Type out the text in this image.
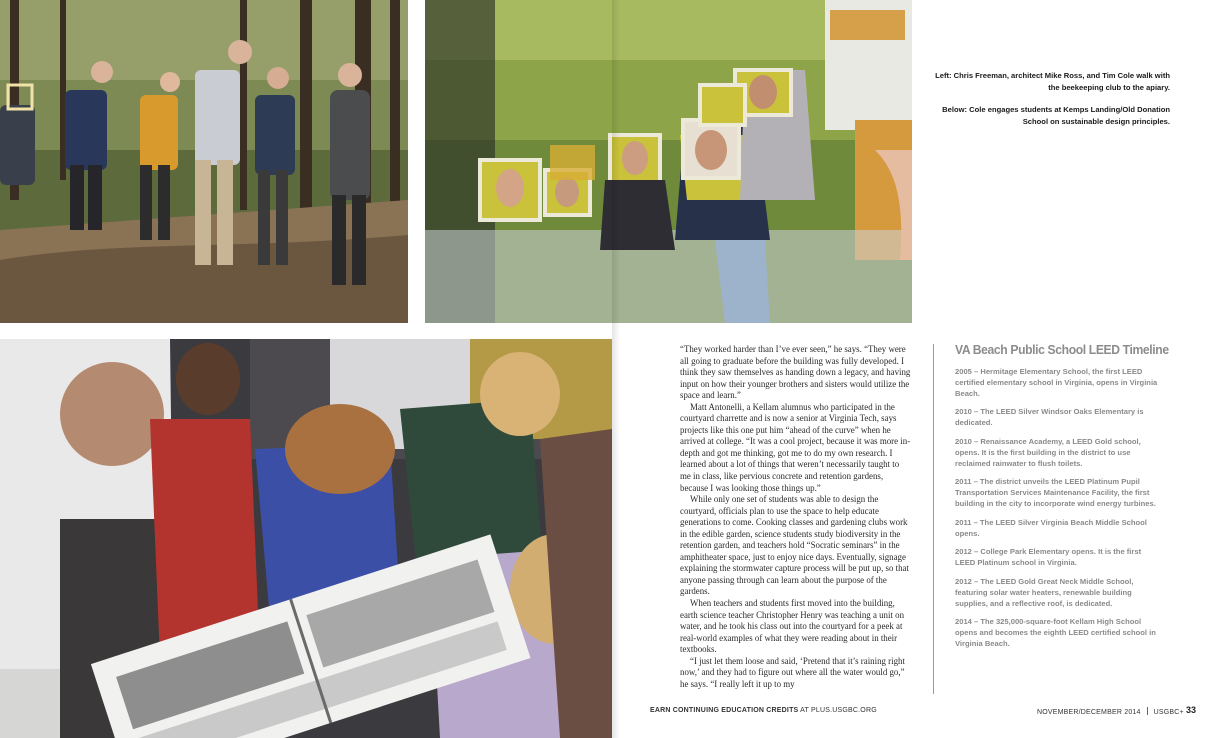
Left: Chris Freeman, architect Mike Ross, and Tim Cole walk with the beekeeping club to the apiary.

Below: Cole engages students at Kemps Landing/Old Donation School on sustainable design principles.

“They worked harder than I’ve ever seen,” he says. “They were all going to graduate before the building was fully developed. I think they saw themselves as handing down a legacy, and having input on how their younger brothers and sisters would utilize the space and learn.”

Matt Antonelli, a Kellam alumnus who participated in the courtyard charrette and is now a senior at Virginia Tech, says projects like this one put him “ahead of the curve” when he arrived at college. “It was a cool project, because it was more in-depth and got me thinking, got me to do my own research. I learned about a lot of things that weren’t necessarily taught to me in class, like pervious concrete and retention gardens, because I was looking those things up.”

While only one set of students was able to design the courtyard, officials plan to use the space to help educate generations to come. Cooking classes and gardening clubs work in the edible garden, science students study biodiversity in the retention garden, and teachers hold “Socratic seminars” in the amphitheater space, just to enjoy nice days. Eventually, signage explaining the stormwater capture process will be put up, so that anyone passing through can learn about the purpose of the gardens.

When teachers and students first moved into the building, earth science teacher Christopher Henry was teaching a unit on water, and he took his class out into the courtyard for a peek at real-world examples of what they were reading about in their textbooks.

“I just let them loose and said, ‘Pretend that it’s raining right now,’ and they had to figure out where all the water would go,” he says. “I really left it up to my

VA Beach Public School LEED Timeline
2005 – Hermitage Elementary School, the first LEED certified elementary school in Virginia, opens in Virginia Beach.
2010 – The LEED Silver Windsor Oaks Elementary is dedicated.
2010 – Renaissance Academy, a LEED Gold school, opens. It is the first building in the district to use reclaimed rainwater to flush toilets.
2011 – The district unveils the LEED Platinum Pupil Transportation Services Maintenance Facility, the first building in the city to incorporate wind energy turbines.
2011 – The LEED Silver Virginia Beach Middle School opens.
2012 – College Park Elementary opens. It is the first LEED Platinum school in Virginia.
2012 – The LEED Gold Great Neck Middle School, featuring solar water heaters, renewable building supplies, and a reflective roof, is dedicated.
2014 – The 325,000-square-foot Kellam High School opens and becomes the eighth LEED certified school in Virginia Beach.
EARN CONTINUING EDUCATION CREDITS AT PLUS.USGBC.ORG	NOVEMBER/DECEMBER 2014 USGBC+ 33
